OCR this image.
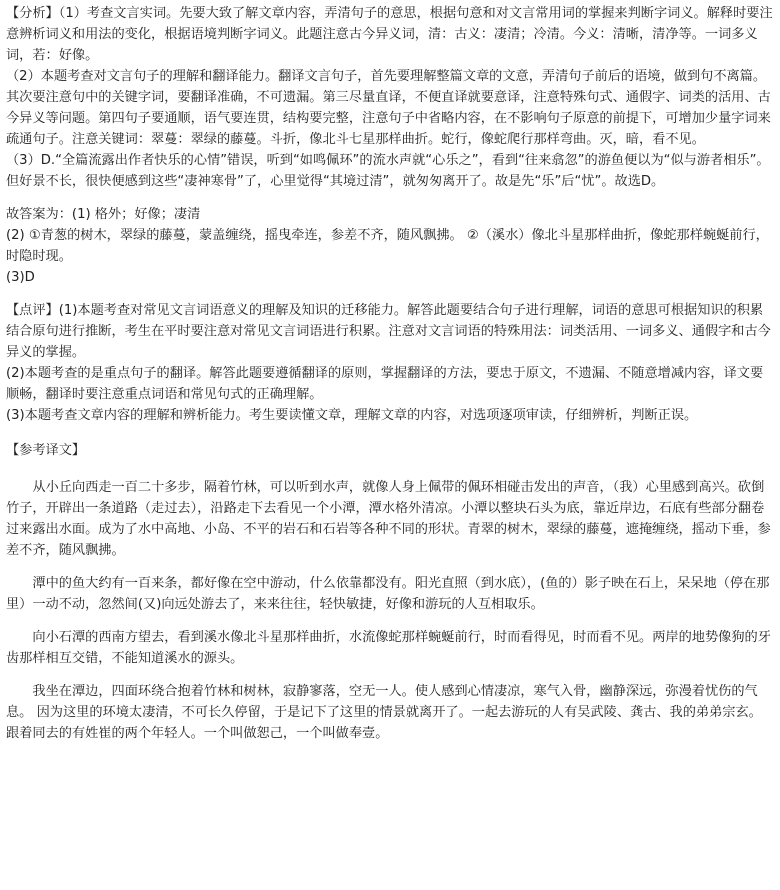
【分析】（1）考查文言实词。先要大致了解文章内容，弄清句子的意思，根据句意和对文言常用词的掌握来判断字词义。解释时要注意辨析词义和用法的变化，根据语境判断字词义。此题注意古今异义词，清：古义：凄清；冷清。今义：清晰，清净等。一词多义词，若：好像。

（2）本题考查对文言句子的理解和翻译能力。翻译文言句子，首先要理解整篇文章的文意，弄清句子前后的语境，做到句不离篇。其次要注意句中的关键字词，要翻译准确，不可遗漏。第三尽量直译，不便直译就要意译，注意特殊句式、通假字、词类的活用、古今异义等问题。第四句子要通顺，语气要连贯，结构要完整，注意句子中省略内容，在不影响句子原意的前提下，可增加少量字词来疏通句子。注意关键词：翠蔓：翠绿的藤蔓。斗折，像北斗七星那样曲折。蛇行，像蛇爬行那样弯曲。灭，暗，看不见。

（3）D.“全篇流露出作者快乐的心情”错误，听到“如鸣佩环”的流水声就“心乐之”，看到“往来翕忽”的游鱼便以为“似与游者相乐”。但好景不长，很快便感到这些“凄神寒骨”了，心里觉得“其境过清”，就匆匆离开了。故是先“乐”后“忧”。故选D。

故答案为：(1) 格外；好像；凄清

(2) ①青葱的树木，翠绿的藤蔓，蒙盖缠绕，摇曳牵连，参差不齐，随风飘拂。 ②（溪水）像北斗星那样曲折，像蛇那样蜿蜒前行，时隐时现。

(3)D

【点评】(1)本题考查对常见文言词语意义的理解及知识的迁移能力。解答此题要结合句子进行理解，词语的意思可根据知识的积累结合原句进行推断，考生在平时要注意对常见文言词语进行积累。注意对文言词语的特殊用法：词类活用、一词多义、通假字和古今异义的掌握。

(2)本题考查的是重点句子的翻译。解答此题要遵循翻译的原则，掌握翻译的方法，要忠于原文，不遗漏、不随意增减内容，译文要顺畅，翻译时要注意重点词语和常见句式的正确理解。

(3)本题考查文章内容的理解和辨析能力。考生要读懂文章，理解文章的内容，对选项逐项审读，仔细辨析，判断正误。

【参考译文】

从小丘向西走一百二十多步，隔着竹林，可以听到水声，就像人身上佩带的佩环相碰击发出的声音，（我）心里感到高兴。砍倒竹子，开辟出一条道路（走过去），沿路走下去看见一个小潭，潭水格外清凉。小潭以整块石头为底，靠近岸边，石底有些部分翻卷过来露出水面。成为了水中高地、小岛、不平的岩石和石岩等各种不同的形状。青翠的树木，翠绿的藤蔓，遮掩缠绕，摇动下垂，参差不齐，随风飘拂。

潭中的鱼大约有一百来条，都好像在空中游动，什么依靠都没有。阳光直照（到水底），(鱼的）影子映在石上，呆呆地（停在那里）一动不动，忽然间(又)向远处游去了，来来往往，轻快敏捷，好像和游玩的人互相取乐。

向小石潭的西南方望去，看到溪水像北斗星那样曲折，水流像蛇那样蜿蜒前行，时而看得见，时而看不见。两岸的地势像狗的牙齿那样相互交错，不能知道溪水的源头。

我坐在潭边，四面环绕合抱着竹林和树林，寂静寥落，空无一人。使人感到心情凄凉，寒气入骨，幽静深远，弥漫着忧伤的气息。 因为这里的环境太凄清，不可长久停留，于是记下了这里的情景就离开了。一起去游玩的人有吴武陵、龚古、我的弟弟宗玄。跟着同去的有姓崔的两个年轻人。一个叫做恕己，一个叫做奉壹。
